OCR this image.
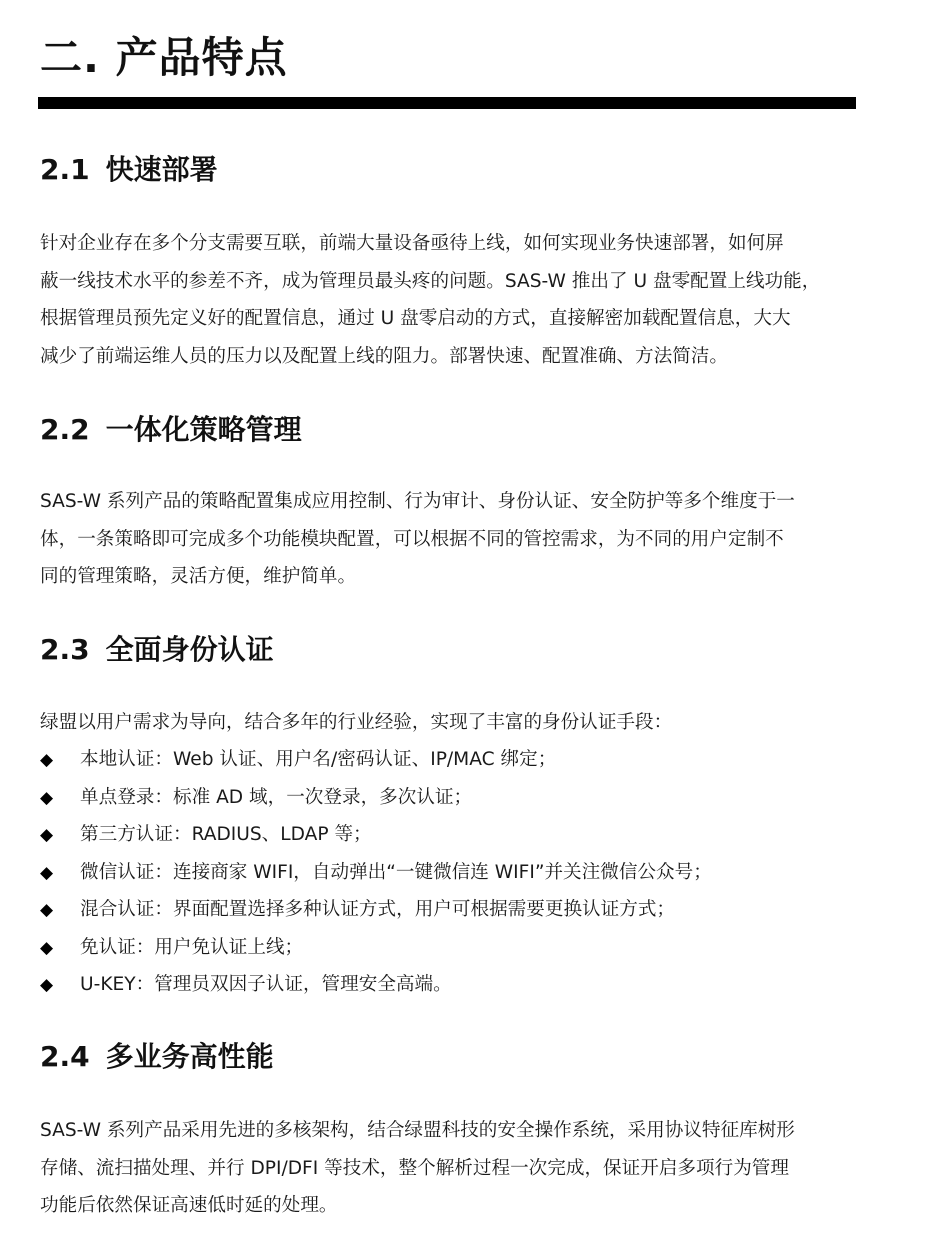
二. 产品特点
2.1 快速部署

针对企业存在多个分支需要互联，前端大量设备亟待上线，如何实现业务快速部署，如何屏
蔽一线技术水平的参差不齐，成为管理员最头疼的问题。SAS-W 推出了 U 盘零配置上线功能，
根据管理员预先定义好的配置信息，通过 U 盘零启动的方式，直接解密加载配置信息，大大
减少了前端运维人员的压力以及配置上线的阻力。部署快速、配置准确、方法简洁。

2.2 一体化策略管理

SAS-W 系列产品的策略配置集成应用控制、行为审计、身份认证、安全防护等多个维度于一
体，一条策略即可完成多个功能模块配置，可以根据不同的管控需求，为不同的用户定制不
同的管理策略，灵活方便，维护简单。

2.3 全面身份认证

绿盟以用户需求为导向，结合多年的行业经验，实现了丰富的身份认证手段：

◆ 本地认证：Web 认证、用户名/密码认证、IP/MAC 绑定；
◆ 单点登录：标准 AD 域，一次登录，多次认证；
◆ 第三方认证：RADIUS、LDAP 等；
◆ 微信认证：连接商家 WIFI，自动弹出“一键微信连 WIFI”并关注微信公众号；
◆ 混合认证：界面配置选择多种认证方式，用户可根据需要更换认证方式；
◆ 免认证：用户免认证上线；
◆ U-KEY：管理员双因子认证，管理安全高端。
2.4 多业务高性能

SAS-W 系列产品采用先进的多核架构，结合绿盟科技的安全操作系统，采用协议特征库树形
存储、流扫描处理、并行 DPI/DFI 等技术，整个解析过程一次完成，保证开启多项行为管理
功能后依然保证高速低时延的处理。
